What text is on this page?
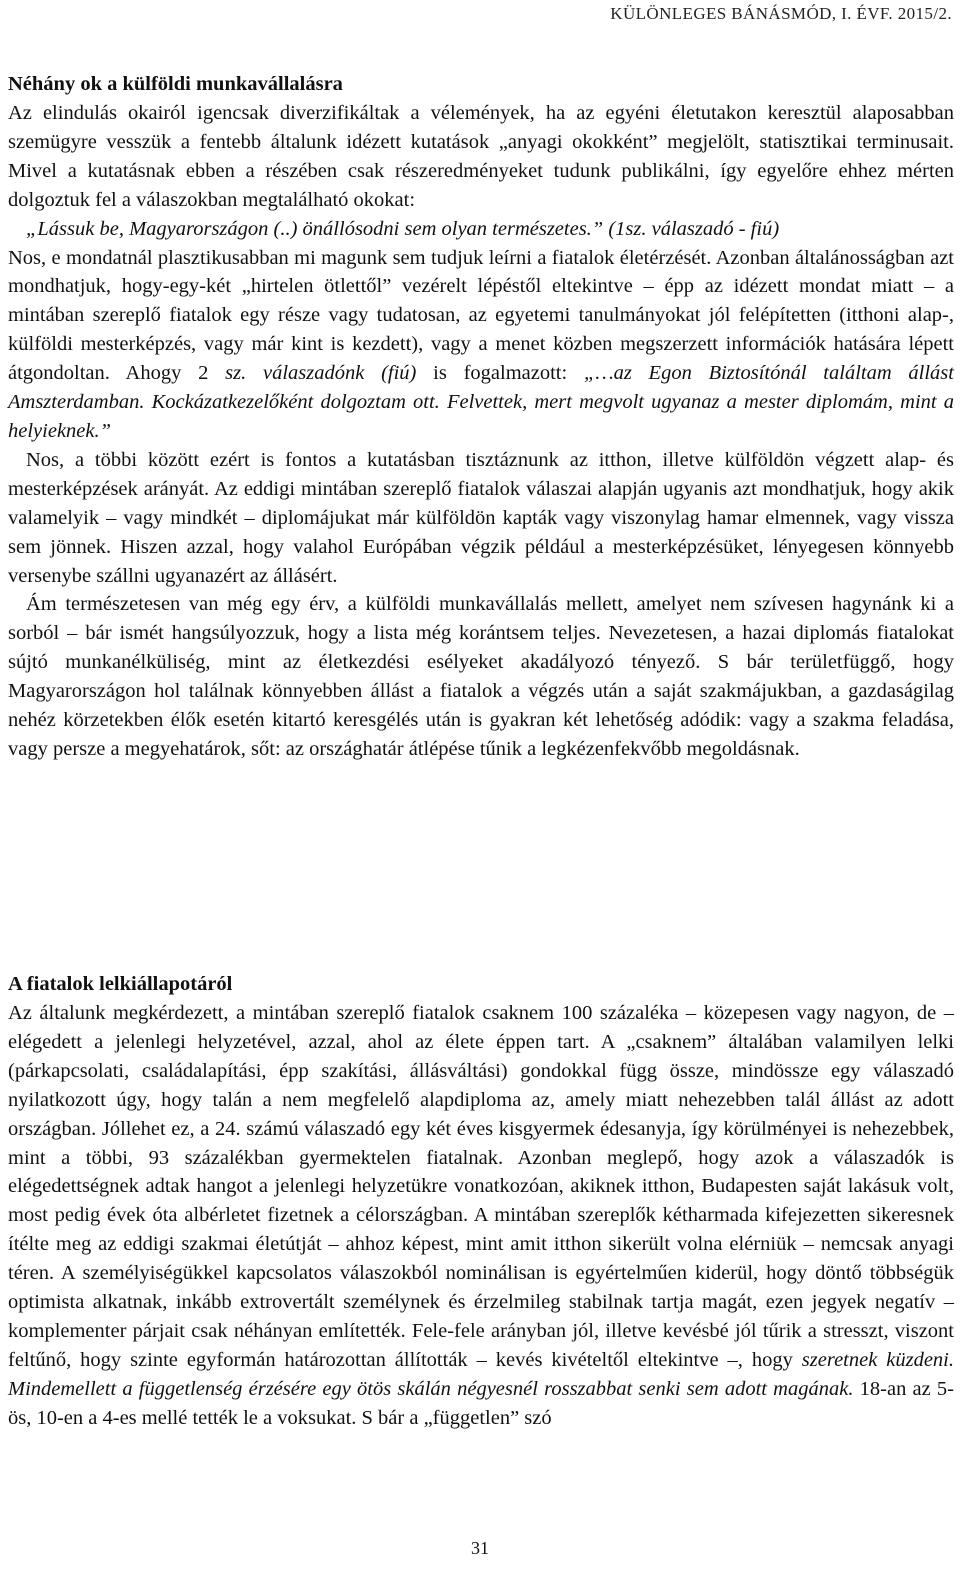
KÜLÖNLEGES BÁNÁSMÓD, I. ÉVF. 2015/2.
Néhány ok a külföldi munkavállalásra

Az elindulás okairól igencsak diverzifikáltak a vélemények, ha az egyéni életutakon keresztül alaposabban szemügyre vesszük a fentebb általunk idézett kutatások „anyagi okokként” megjelölt, statisztikai terminusait. Mivel a kutatásnak ebben a részében csak részeredményeket tudunk publikálni, így egyelőre ehhez mérten dolgoztuk fel a válaszokban megtalálható okokat:

„Lássuk be, Magyarországon (..) önállósodni sem olyan természetes.” (1sz. válaszadó - fiú)

Nos, e mondatnál plasztikusabban mi magunk sem tudjuk leírni a fiatalok életérzését. Azonban általánosságban azt mondhatjuk, hogy-egy-két „hirtelen ötlettől” vezérelt lépéstől eltekintve – épp az idézett mondat miatt – a mintában szereplő fiatalok egy része vagy tudatosan, az egyetemi tanulmányokat jól felépítetten (itthoni alap-, külföldi mesterképzés, vagy már kint is kezdett), vagy a menet közben megszerzett információk hatására lépett átgondoltan. Ahogy 2 sz. válaszadónk (fiú) is fogalmazott: „…az Egon Biztosítónál találtam állást Amszterdamban. Kockázatkezelőként dolgoztam ott. Felvettek, mert megvolt ugyanaz a mester diplomám, mint a helyieknek.”

Nos, a többi között ezért is fontos a kutatásban tisztáznunk az itthon, illetve külföldön végzett alap- és mesterképzések arányát. Az eddigi mintában szereplő fiatalok válaszai alapján ugyanis azt mondhatjuk, hogy akik valamelyik – vagy mindkét – diplomájukat már külföldön kapták vagy viszonylag hamar elmennek, vagy vissza sem jönnek. Hiszen azzal, hogy valahol Európában végzik például a mesterképzésüket, lényegesen könnyebb versenybe szállni ugyanazért az állásért.

Ám természetesen van még egy érv, a külföldi munkavállalás mellett, amelyet nem szívesen hagynánk ki a sorból – bár ismét hangsúlyozzuk, hogy a lista még korántsem teljes. Nevezetesen, a hazai diplomás fiatalokat sújtó munkanélküliség, mint az életkezdési esélyeket akadályozó tényező. S bár területfüggő, hogy Magyarországon hol találnak könnyebben állást a fiatalok a végzés után a saját szakmájukban, a gazdaságilag nehéz körzetekben élők esetén kitartó keresgélés után is gyakran két lehetőség adódik: vagy a szakma feladása, vagy persze a megyehatárok, sőt: az országhatár átlépése tűnik a legkézenfekvőbb megoldásnak.

A fiatalok lelkiállapotáról

Az általunk megkérdezett, a mintában szereplő fiatalok csaknem 100 százaléka – közepesen vagy nagyon, de – elégedett a jelenlegi helyzetével, azzal, ahol az élete éppen tart. A „csaknem” általában valamilyen lelki (párkapcsolati, családalapítási, épp szakítási, állásváltási) gondokkal függ össze, mindössze egy válaszadó nyilatkozott úgy, hogy talán a nem megfelelő alapdiploma az, amely miatt nehezebben talál állást az adott országban. Jóllehet ez, a 24. számú válaszadó egy két éves kisgyermek édesanyja, így körülményei is nehezebbek, mint a többi, 93 százalékban gyermektelen fiatalnak. Azonban meglepő, hogy azok a válaszadók is elégedettségnek adtak hangot a jelenlegi helyzetükre vonatkozóan, akiknek itthon, Budapesten saját lakásuk volt, most pedig évek óta albérletet fizetnek a célországban. A mintában szereplők kétharmada kifejezetten sikeresnek ítélte meg az eddigi szakmai életútját – ahhoz képest, mint amit itthon sikerült volna elérniük – nemcsak anyagi téren. A személyiségükkel kapcsolatos válaszokból nominálisan is egyértelműen kiderül, hogy döntő többségük optimista alkatnak, inkább extrovertált személynek és érzelmileg stabilnak tartja magát, ezen jegyek negatív – komplementer párjait csak néhányan említették. Fele-fele arányban jól, illetve kevésbé jól tűrik a stresszt, viszont feltűnő, hogy szinte egyformán határozottan állították – kevés kivételtől eltekintve –, hogy szeretnek küzdeni. Mindemellett a függetlenség érzésére egy ötös skálán négyesnél rosszabbat senki sem adott magának. 18-an az 5-ös, 10-en a 4-es mellé tették le a voksukat. S bár a „független” szó

31
